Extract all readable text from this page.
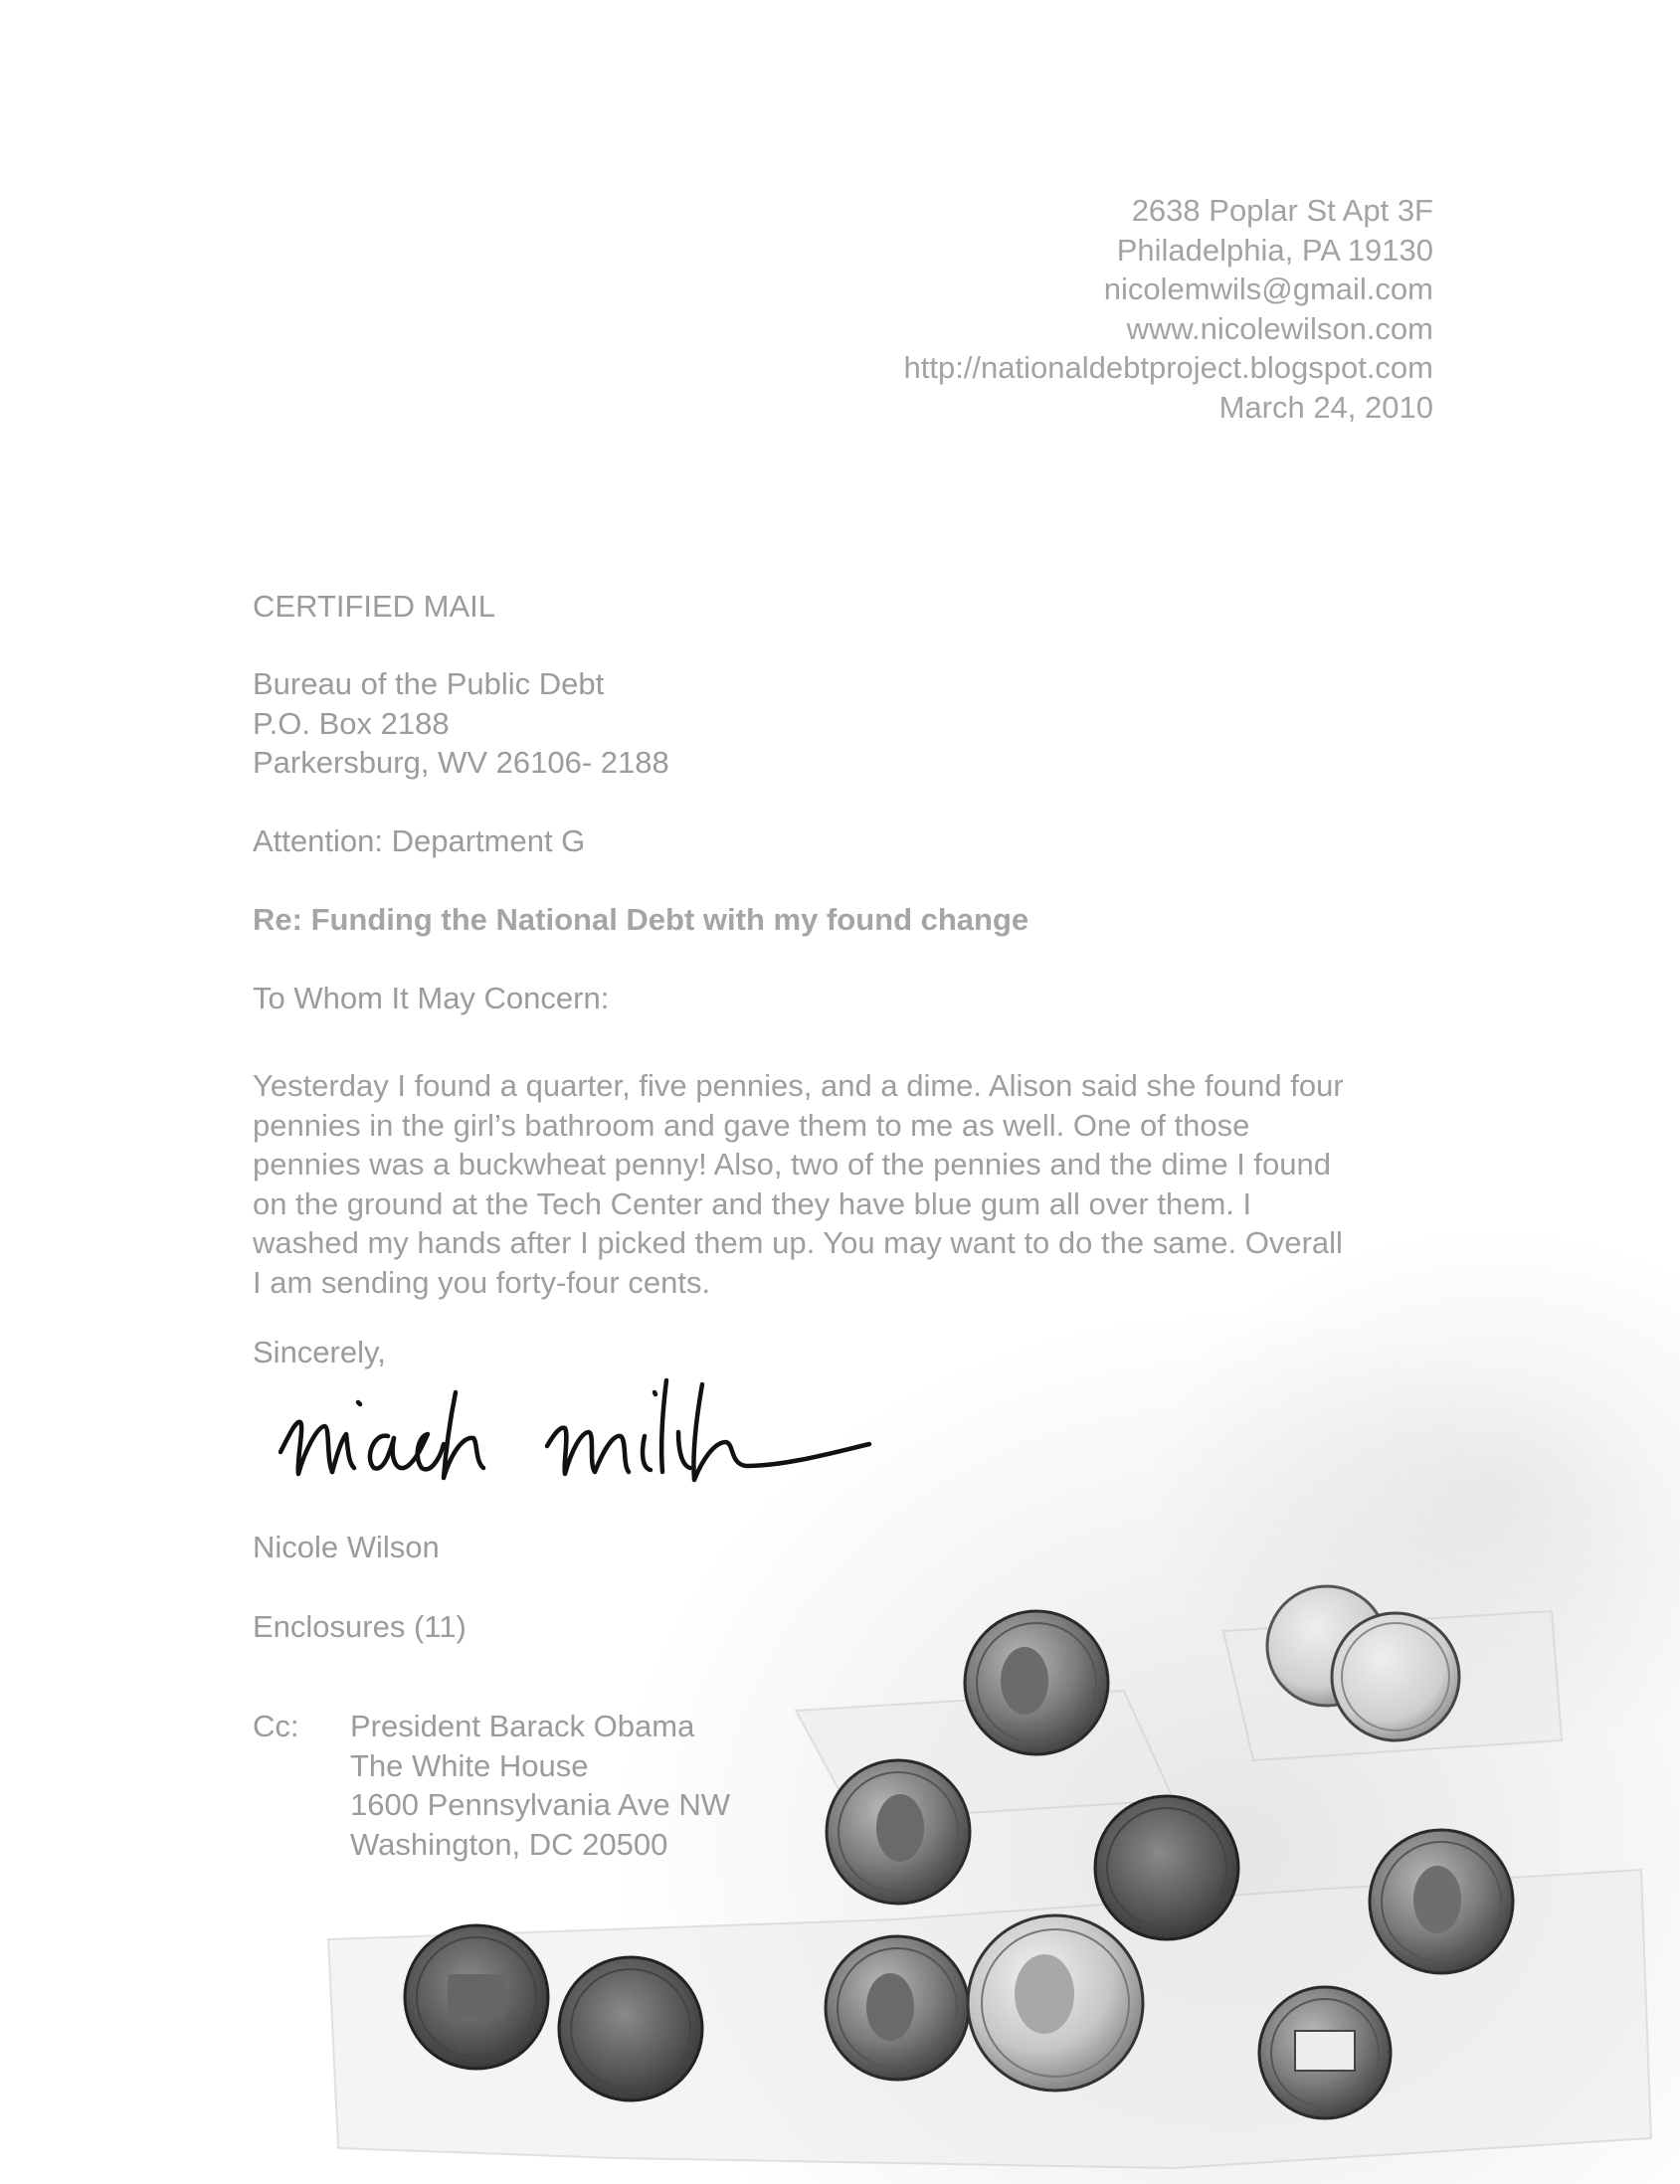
2638 Poplar St Apt 3F
Philadelphia, PA 19130
nicolemwils@gmail.com
www.nicolewilson.com
http://nationaldebtproject.blogspot.com
March 24, 2010
CERTIFIED MAIL
Bureau of the Public Debt
P.O. Box 2188
Parkersburg, WV 26106- 2188
Attention: Department G
Re: Funding the National Debt with my found change
To Whom It May Concern:
Yesterday I found a quarter, five pennies, and a dime. Alison said she found four
pennies in the girl’s bathroom and gave them to me as well. One of those
pennies was a buckwheat penny! Also, two of the pennies and the dime I found
on the ground at the Tech Center and they have blue gum all over them. I
washed my hands after I picked them up. You may want to do the same. Overall
I am sending you forty-four cents.
Sincerely,
Nicole Wilson
Enclosures (11)
Cc: President Barack Obama
The White House
1600 Pennsylvania Ave NW
Washington, DC 20500
